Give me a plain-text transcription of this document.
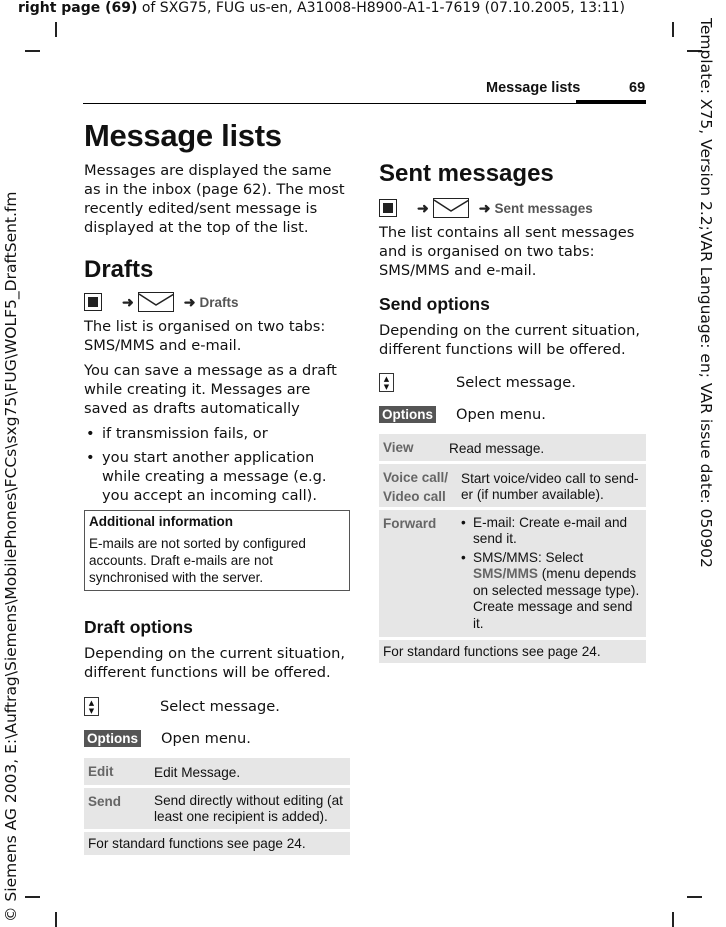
right page (69) of SXG75, FUG us-en, A31008-H8900-A1-1-7619 (07.10.2005, 13:11)
Template: X75, Version 2.2;VAR Language: en; VAR issue date: 050902
© Siemens AG 2003, E:\Auftrag\Siemens\MobilePhones\FCCs\sxg75\FUG\WOLF5_DraftSent.fm
Message lists	69
Message lists

Messages are displayed the same as in the inbox (page 62). The most recently edited/sent message is displayed at the top of the list.

Drafts
➜	➜ Drafts

The list is organised on two tabs: SMS/MMS and e-mail.

You can save a message as a draft while creating it. Messages are saved as drafts automatically

• if transmission fails, or
• you start another application while creating a message (e.g. you accept an incoming call).
Additional information
E-mails are not sorted by configured accounts. Draft e-mails are not synchronised with the server.
Draft options

Depending on the current situation, different functions will be offered.

▲
▼	Select message.
Options Open menu.
Edit	Edit Message.
Send	Send directly without editing (at least one recipient is added).
For standard functions see page 24.
Sent messages
➜	➜ Sent messages

The list contains all sent messages and is organised on two tabs: SMS/MMS and e-mail.

Send options

Depending on the current situation, different functions will be offered.

▲
▼	Select message.
Options Open menu.
View	Read message.
Voice call/
Video call
Start voice/video call to send-er (if number available).
Forward
•	E-mail: Create e-mail and send it.
• SMS/MMS: Select SMS/MMS (menu depends on selected message type). Create message and send it.
For standard functions see page 24.
